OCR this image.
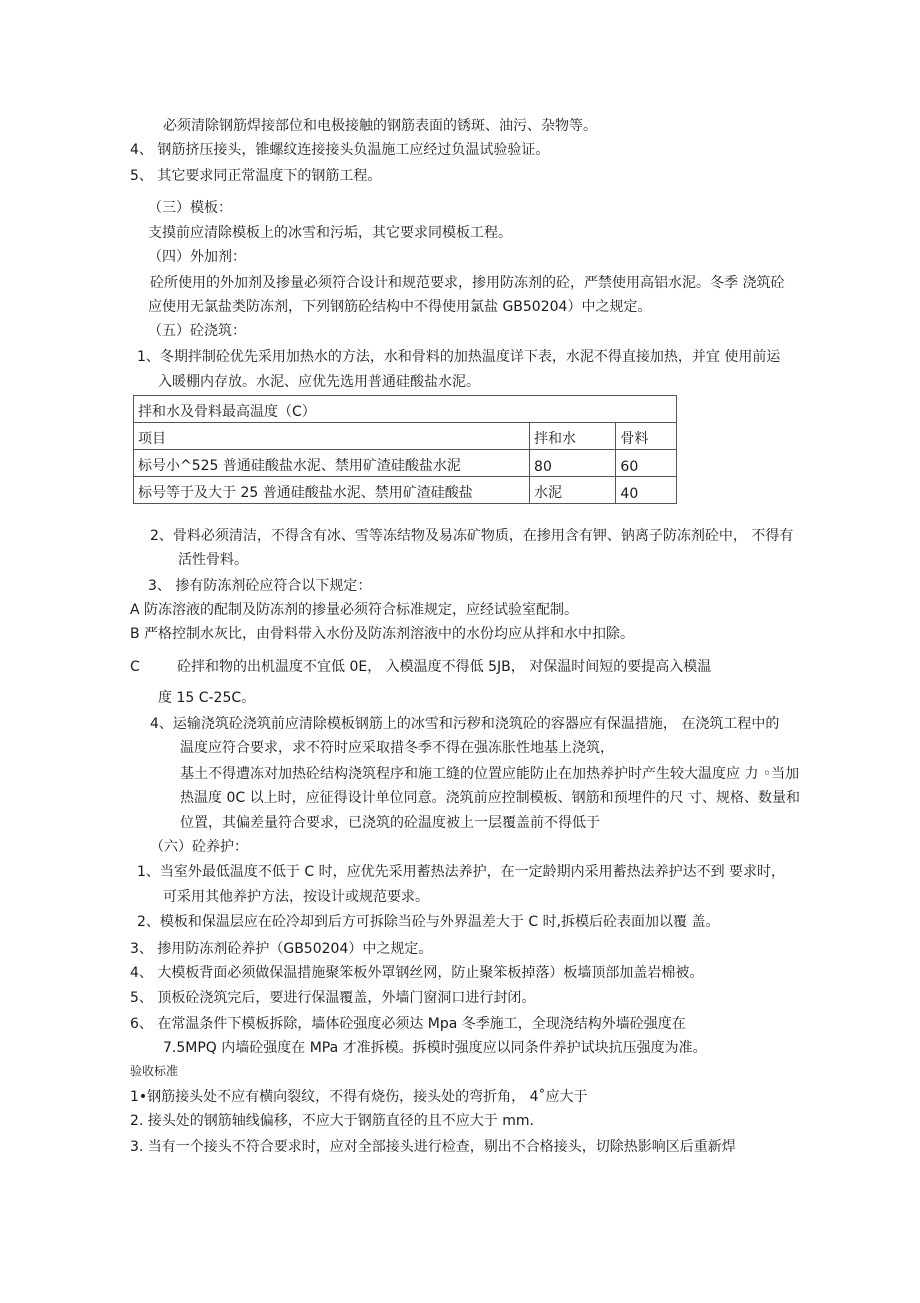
必须清除钢筋焊接部位和电极接触的钢筋表面的锈斑、油污、杂物等。
4、 钢筋挤压接头，锥螺纹连接接头负温施工应经过负温试验验证。
5、 其它要求同正常温度下的钢筋工程。
（三）模板：
支摸前应清除模板上的冰雪和污垢，其它要求同模板工程。
（四）外加剂：
砼所使用的外加剂及掺量必须符合设计和规范要求，掺用防冻剂的砼，严禁使用高铝水泥。冬季 浇筑砼
应使用无氯盐类防冻剂，下列钢筋砼结构中不得使用氯盐 GB50204）中之规定。
（五）砼浇筑：
1、冬期拌制砼优先采用加热水的方法，水和骨料的加热温度详下表，水泥不得直接加热，并宜 使用前运
入暖棚内存放。水泥、应优先选用普通硅酸盐水泥。
拌和水及骨料最高温度（C）		
项目	拌和水	骨料
标号小^525 普通硅酸盐水泥、禁用矿渣硅酸盐水泥	80	60
标号等于及大于 25 普通硅酸盐水泥、禁用矿渣硅酸盐	水泥	40
2、骨料必须清洁，不得含有冰、雪等冻结物及易冻矿物质，在掺用含有钾、钠离子防冻剂砼中， 不得有
活性骨料。
3、 掺有防冻剂砼应符合以下规定：
A 防冻溶液的配制及防冻剂的掺量必须符合标准规定，应经试验室配制。
B 严格控制水灰比，由骨料带入水份及防冻剂溶液中的水份均应从拌和水中扣除。
C	砼拌和物的出机温度不宜低 0E， 入模温度不得低 5JB， 对保温时间短的要提高入模温
度 15 C-25C。
4、运输浇筑砼浇筑前应清除模板钢筋上的冰雪和污秽和浇筑砼的容器应有保温措施， 在浇筑工程中的
温度应符合要求，求不符时应采取措冬季不得在强冻胀性地基上浇筑，
基土不得遭冻对加热砼结构浇筑程序和施工缝的位置应能防止在加热养护时产生较大温度应 力 ◦当加
热温度 0C 以上时，应征得设计单位同意。浇筑前应控制模板、钢筋和预埋件的尺 寸、规格、数量和
位置，其偏差量符合要求，已浇筑的砼温度被上一层覆盖前不得低于
（六）砼养护：
1、当室外最低温度不低于 C 时，应优先采用蓄热法养护，在一定龄期内采用蓄热法养护达不到 要求时，
可采用其他养护方法，按设计或规范要求。
2、模板和保温层应在砼冷却到后方可拆除当砼与外界温差大于 C 时,拆模后砼表面加以覆 盖。
3、 掺用防冻剂砼养护（GB50204）中之规定。
4、 大模板背面必须做保温措施聚笨板外罩钢丝网，防止聚笨板掉落）板墙顶部加盖岩棉被。
5、 顶板砼浇筑完后，要进行保温覆盖，外墙门窗洞口进行封闭。
6、 在常温条件下模板拆除，墙体砼强度必须达 Mpa 冬季施工，全现浇结构外墙砼强度在
7.5MPQ 内墙砼强度在 MPa 才准拆模。拆模时强度应以同条件养护试块抗压强度为准。
验收标准
1•钢筋接头处不应有横向裂纹，不得有烧伤，接头处的弯折角， 4˚应大于
2. 接头处的钢筋轴线偏移，不应大于钢筋直径的且不应大于 mm.
3. 当有一个接头不符合要求时，应对全部接头进行检查，剔出不合格接头，切除热影响区后重新焊
